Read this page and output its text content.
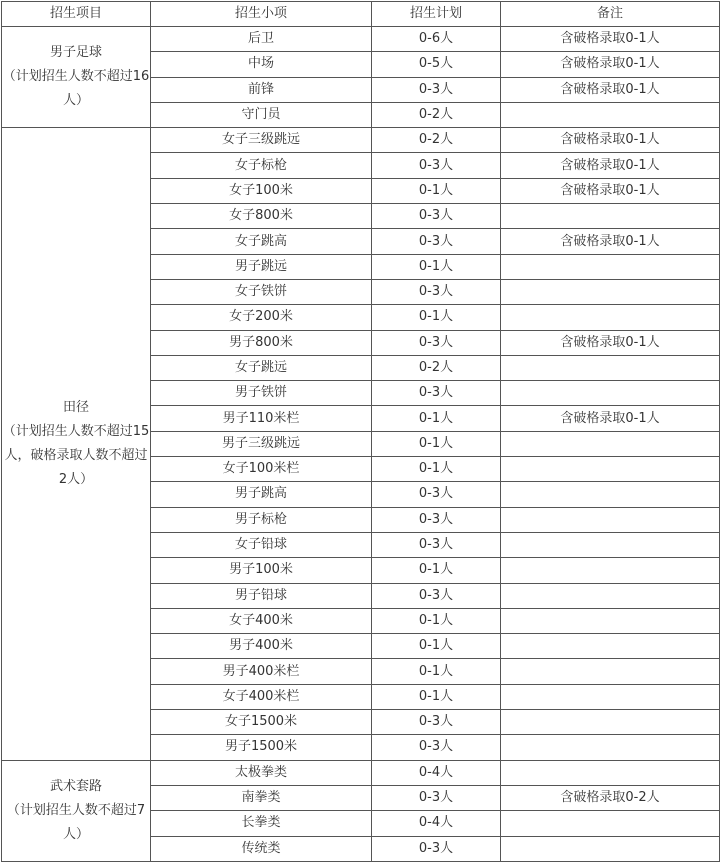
招生项目	招生小项	招生计划	备注

男子足球
（计划招生人数不超过16人）	后卫	0-6人	含破格录取0-1人
	中场	0-5人	含破格录取0-1人
	前锋	0-3人	含破格录取0-1人
	守门员	0-2人	

田径
（计划招生人数不超过15人，破格录取人数不超过2人）	女子三级跳远	0-2人	含破格录取0-1人
	女子标枪	0-3人	含破格录取0-1人
	女子100米	0-1人	含破格录取0-1人
	女子800米	0-3人	
	女子跳高	0-3人	含破格录取0-1人
	男子跳远	0-1人	
	女子铁饼	0-3人	
	女子200米	0-1人	
	男子800米	0-3人	含破格录取0-1人
	女子跳远	0-2人	
	男子铁饼	0-3人	
	男子110米栏	0-1人	含破格录取0-1人
	男子三级跳远	0-1人	
	女子100米栏	0-1人	
	男子跳高	0-3人	
	男子标枪	0-3人	
	女子铅球	0-3人	
	男子100米	0-1人	
	男子铅球	0-3人	
	女子400米	0-1人	
	男子400米	0-1人	
	男子400米栏	0-1人	
	女子400米栏	0-1人	
	女子1500米	0-3人	
	男子1500米	0-3人	

武术套路
（计划招生人数不超过7人）	太极拳类	0-4人	
	南拳类	0-3人	含破格录取0-2人
	长拳类	0-4人	
	传统类	0-3人	
